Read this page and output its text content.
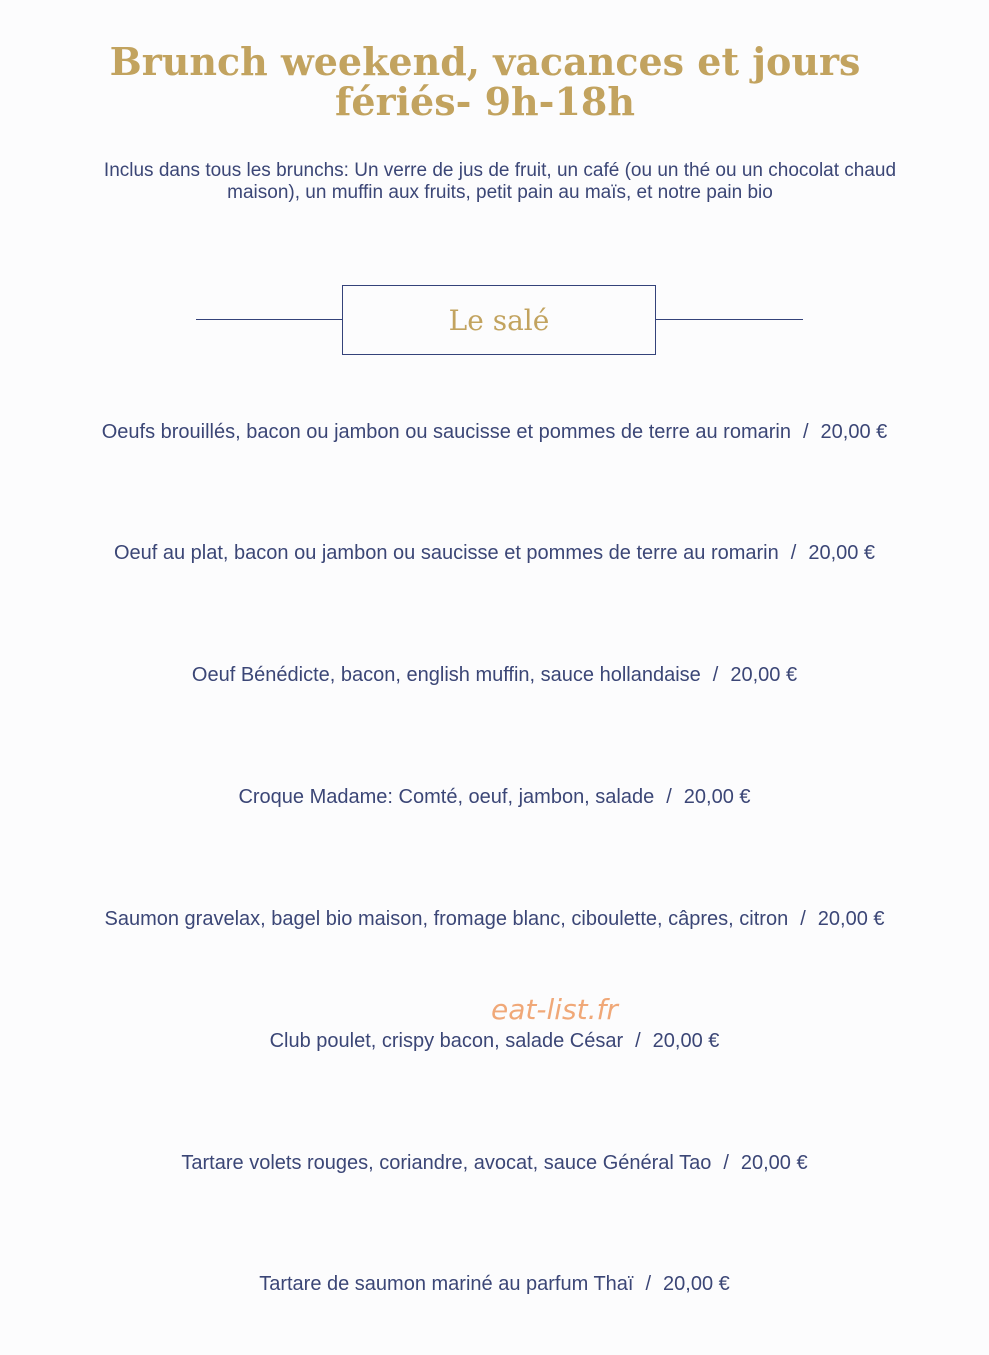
Brunch weekend, vacances et jours
fériés- 9h-18h

Inclus dans tous les brunchs: Un verre de jus de fruit, un café (ou un thé ou un chocolat chaud maison), un muffin aux fruits, petit pain au maïs, et notre pain bio

Le salé
Oeufs brouillés, bacon ou jambon ou saucisse et pommes de terre au romarin / 20,00 €
Oeuf au plat, bacon ou jambon ou saucisse et pommes de terre au romarin / 20,00 €
Oeuf Bénédicte, bacon, english muffin, sauce hollandaise / 20,00 €
Croque Madame: Comté, oeuf, jambon, salade / 20,00 €
Saumon gravelax, bagel bio maison, fromage blanc, ciboulette, câpres, citron / 20,00 €
eat-list.fr
Club poulet, crispy bacon, salade César / 20,00 €
Tartare volets rouges, coriandre, avocat, sauce Général Tao / 20,00 €
Tartare de saumon mariné au parfum Thaï / 20,00 €
